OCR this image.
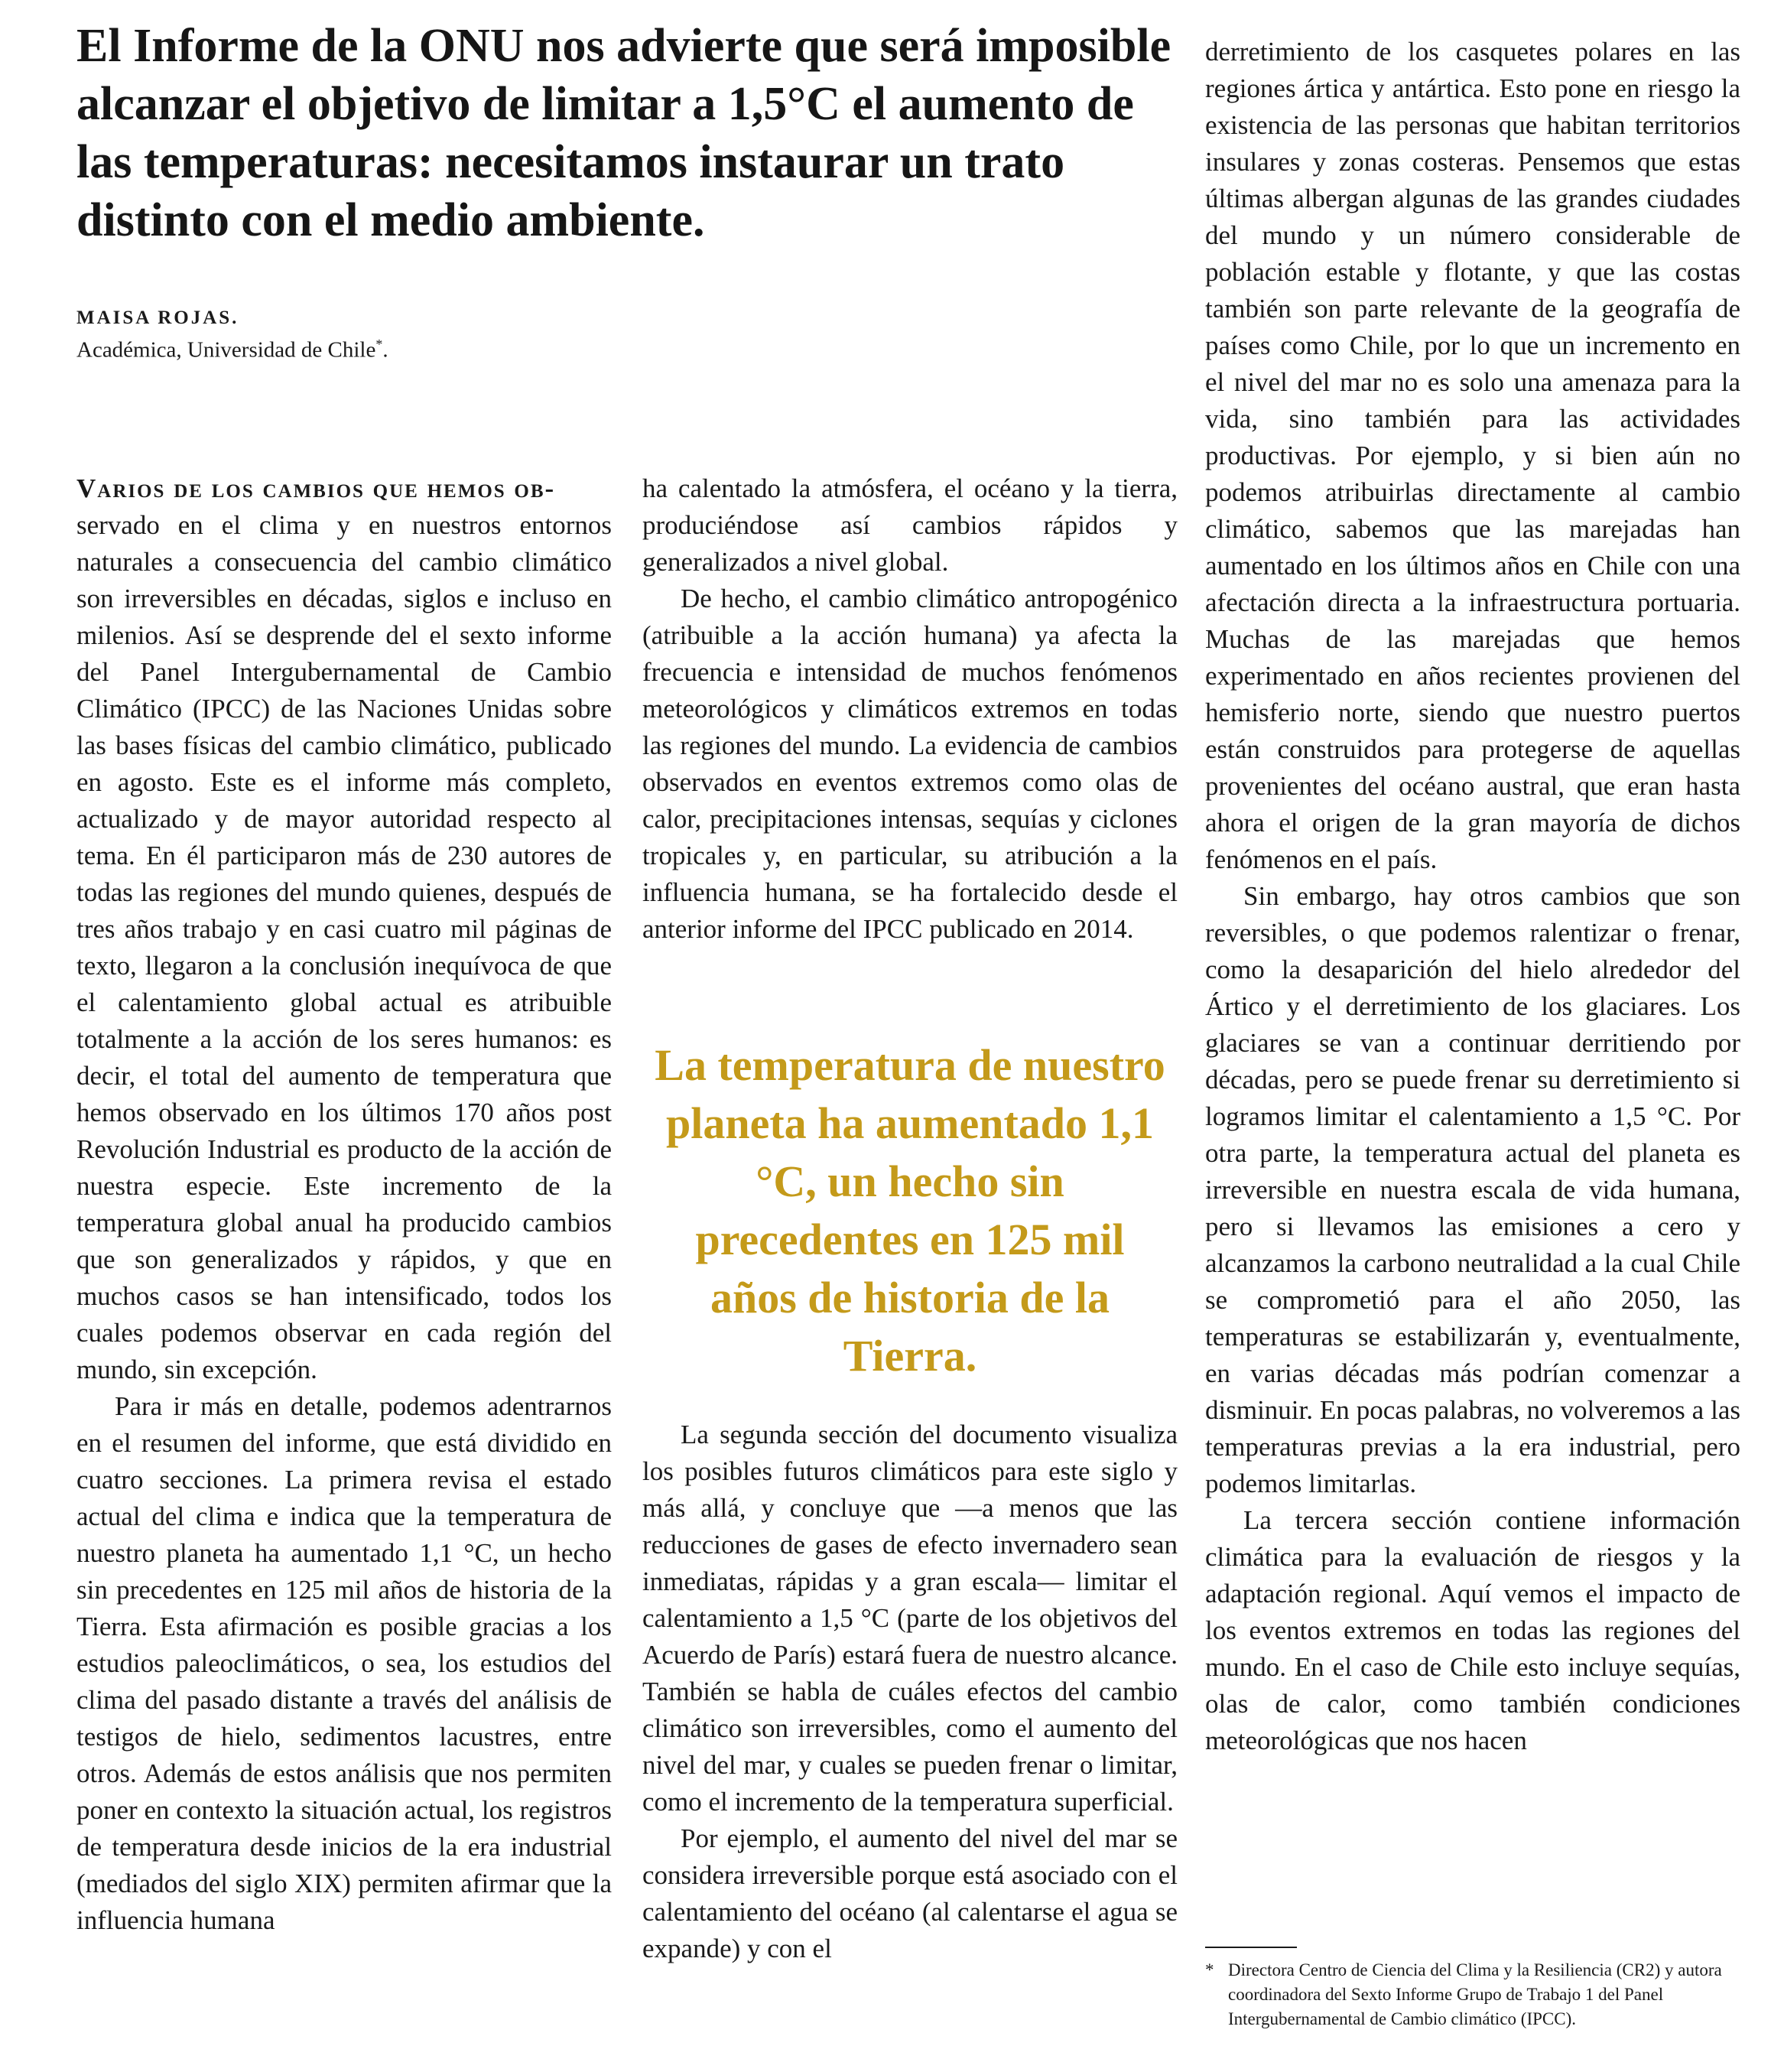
El Informe de la ONU nos advierte que será imposible alcanzar el objetivo de limitar a 1,5°C el aumento de las temperaturas: necesitamos instaurar un trato distinto con el medio ambiente.
MAISA ROJAS.
Académica, Universidad de Chile*.

Varios de los cambios que hemos ob-
servado en el clima y en nuestros entornos naturales a consecuencia del cambio climático son irreversibles en décadas, siglos e incluso en milenios. Así se desprende del el sexto informe del Panel Intergubernamental de Cambio Climático (IPCC) de las Naciones Unidas sobre las bases físicas del cambio climático, publicado en agosto. Este es el informe más completo, actualizado y de mayor autoridad respecto al tema. En él participaron más de 230 autores de todas las regiones del mundo quienes, después de tres años trabajo y en casi cuatro mil páginas de texto, llegaron a la conclusión inequívoca de que el calentamiento global actual es atribuible totalmente a la acción de los seres humanos: es decir, el total del aumento de temperatura que hemos observado en los últimos 170 años post Revolución Industrial es producto de la acción de nuestra especie. Este incremento de la temperatura global anual ha producido cambios que son generalizados y rápidos, y que en muchos casos se han intensificado, todos los cuales podemos observar en cada región del mundo, sin excepción.

Para ir más en detalle, podemos adentrarnos en el resumen del informe, que está dividido en cuatro secciones. La primera revisa el estado actual del clima e indica que la temperatura de nuestro planeta ha aumentado 1,1 °C, un hecho sin precedentes en 125 mil años de historia de la Tierra. Esta afirmación es posible gracias a los estudios paleoclimáticos, o sea, los estudios del clima del pasado distante a través del análisis de testigos de hielo, sedimentos lacustres, entre otros. Además de estos análisis que nos permiten poner en contexto la situación actual, los registros de temperatura desde inicios de la era industrial (mediados del siglo XIX) permiten afirmar que la influencia humana

ha calentado la atmósfera, el océano y la tierra, produciéndose así cambios rápidos y generalizados a nivel global.

De hecho, el cambio climático antropogénico (atribuible a la acción humana) ya afecta la frecuencia e intensidad de muchos fenómenos meteorológicos y climáticos extremos en todas las regiones del mundo. La evidencia de cambios observados en eventos extremos como olas de calor, precipitaciones intensas, sequías y ciclones tropicales y, en particular, su atribución a la influencia humana, se ha fortalecido desde el anterior informe del IPCC publicado en 2014.

La temperatura de nuestro planeta ha aumentado 1,1 °C, un hecho sin precedentes en 125 mil años de historia de la Tierra.

La segunda sección del documento visualiza los posibles futuros climáticos para este siglo y más allá, y concluye que —a menos que las reducciones de gases de efecto invernadero sean inmediatas, rápidas y a gran escala— limitar el calentamiento a 1,5 °C (parte de los objetivos del Acuerdo de París) estará fuera de nuestro alcance. También se habla de cuáles efectos del cambio climático son irreversibles, como el aumento del nivel del mar, y cuales se pueden frenar o limitar, como el incremento de la temperatura superficial.

Por ejemplo, el aumento del nivel del mar se considera irreversible porque está asociado con el calentamiento del océano (al calentarse el agua se expande) y con el

derretimiento de los casquetes polares en las regiones ártica y antártica. Esto pone en riesgo la existencia de las personas que habitan territorios insulares y zonas costeras. Pensemos que estas últimas albergan algunas de las grandes ciudades del mundo y un número considerable de población estable y flotante, y que las costas también son parte relevante de la geografía de países como Chile, por lo que un incremento en el nivel del mar no es solo una amenaza para la vida, sino también para las actividades productivas. Por ejemplo, y si bien aún no podemos atribuirlas directamente al cambio climático, sabemos que las marejadas han aumentado en los últimos años en Chile con una afectación directa a la infraestructura portuaria. Muchas de las marejadas que hemos experimentado en años recientes provienen del hemisferio norte, siendo que nuestro puertos están construidos para protegerse de aquellas provenientes del océano austral, que eran hasta ahora el origen de la gran mayoría de dichos fenómenos en el país.

Sin embargo, hay otros cambios que son reversibles, o que podemos ralentizar o frenar, como la desaparición del hielo alrededor del Ártico y el derretimiento de los glaciares. Los glaciares se van a continuar derritiendo por décadas, pero se puede frenar su derretimiento si logramos limitar el calentamiento a 1,5 °C. Por otra parte, la temperatura actual del planeta es irreversible en nuestra escala de vida humana, pero si llevamos las emisiones a cero y alcanzamos la carbono neutralidad a la cual Chile se comprometió para el año 2050, las temperaturas se estabilizarán y, eventualmente, en varias décadas más podrían comenzar a disminuir. En pocas palabras, no volveremos a las temperaturas previas a la era industrial, pero podemos limitarlas.

La tercera sección contiene información climática para la evaluación de riesgos y la adaptación regional. Aquí vemos el impacto de los eventos extremos en todas las regiones del mundo. En el caso de Chile esto incluye sequías, olas de calor, como también condiciones meteorológicas que nos hacen

* Directora Centro de Ciencia del Clima y la Resiliencia (CR2) y autora coordinadora del Sexto Informe Grupo de Trabajo 1 del Panel Intergubernamental de Cambio climático (IPCC).
